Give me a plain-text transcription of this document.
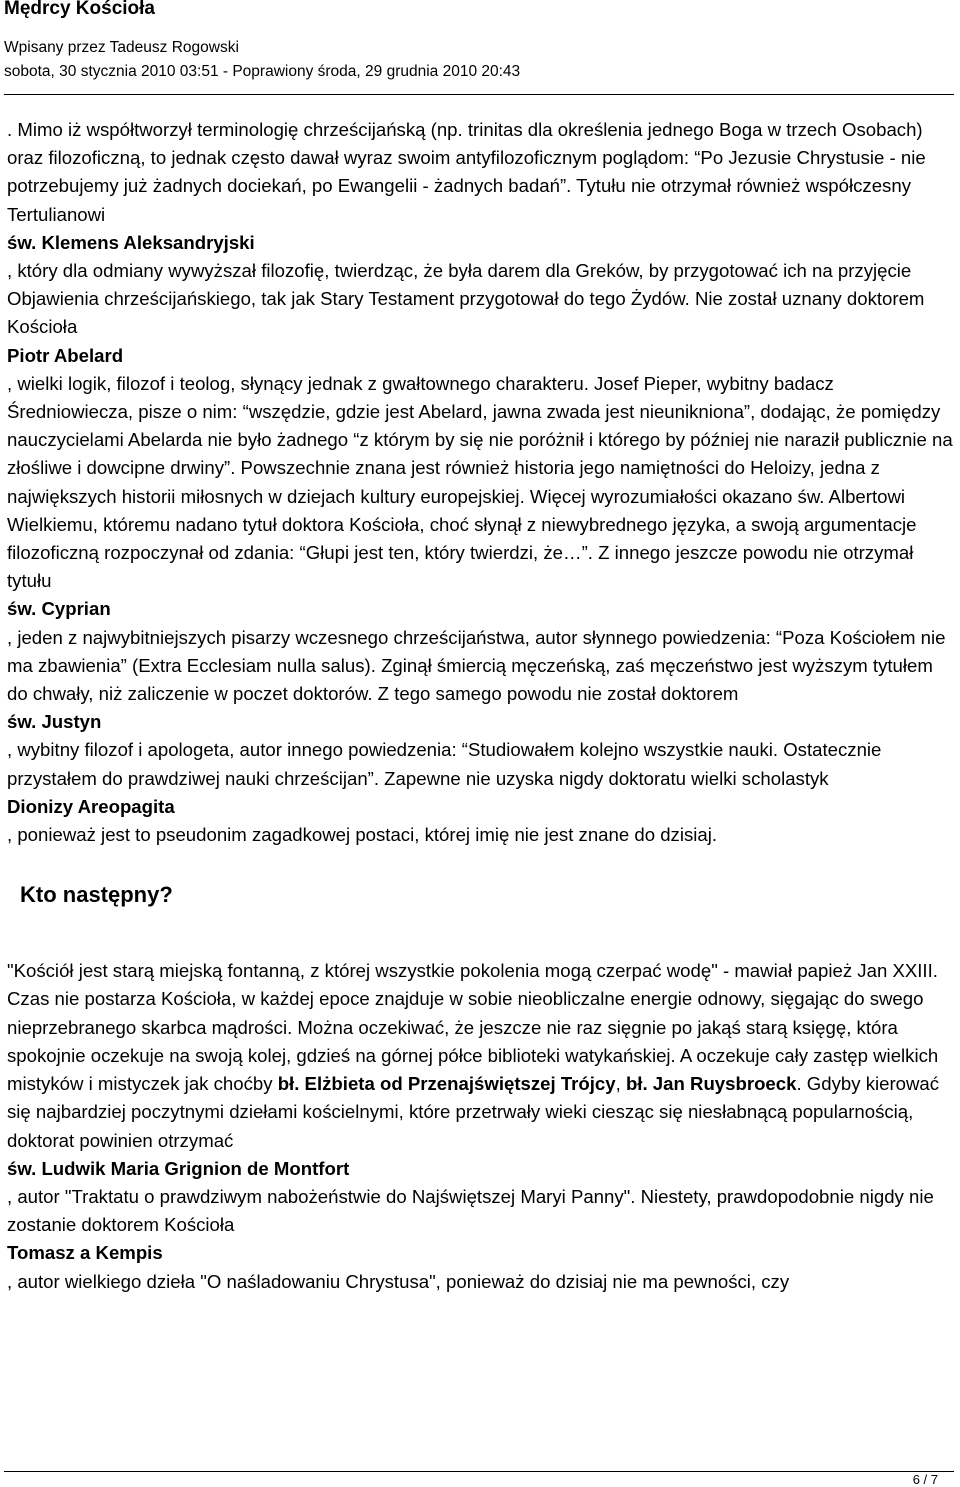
Mędrcy Kościoła
Wpisany przez Tadeusz Rogowski
sobota, 30 stycznia 2010 03:51 - Poprawiony środa, 29 grudnia 2010 20:43

. Mimo iż współtworzył terminologię chrześcijańską (np. trinitas dla określenia jednego Boga w trzech Osobach) oraz filozoficzną, to jednak często dawał wyraz swoim antyfilozoficznym poglądom: “Po Jezusie Chrystusie - nie potrzebujemy już żadnych dociekań, po Ewangelii - żadnych badań”. Tytułu nie otrzymał również współczesny Tertulianowi

św. Klemens Aleksandryjski

, który dla odmiany wywyższał filozofię, twierdząc, że była darem dla Greków, by przygotować ich na przyjęcie Objawienia chrześcijańskiego, tak jak Stary Testament przygotował do tego Żydów. Nie został uznany doktorem Kościoła

Piotr Abelard

, wielki logik, filozof i teolog, słynący jednak z gwałtownego charakteru. Josef Pieper, wybitny badacz Średniowiecza, pisze o nim: “wszędzie, gdzie jest Abelard, jawna zwada jest nieunikniona”, dodając, że pomiędzy nauczycielami Abelarda nie było żadnego “z którym by się nie poróżnił i którego by później nie naraził publicznie na złośliwe i dowcipne drwiny”. Powszechnie znana jest również historia jego namiętności do Heloizy, jedna z największych historii miłosnych w dziejach kultury europejskiej. Więcej wyrozumiałości okazano św. Albertowi Wielkiemu, któremu nadano tytuł doktora Kościoła, choć słynął z niewybrednego języka, a swoją argumentacje filozoficzną rozpoczynał od zdania: “Głupi jest ten, który twierdzi, że…”. Z innego jeszcze powodu nie otrzymał tytułu

św. Cyprian

, jeden z najwybitniejszych pisarzy wczesnego chrześcijaństwa, autor słynnego powiedzenia: “Poza Kościołem nie ma zbawienia” (Extra Ecclesiam nulla salus). Zginął śmiercią męczeńską, zaś męczeństwo jest wyższym tytułem do chwały, niż zaliczenie w poczet doktorów. Z tego samego powodu nie został doktorem

św. Justyn

, wybitny filozof i apologeta, autor innego powiedzenia: “Studiowałem kolejno wszystkie nauki. Ostatecznie przystałem do prawdziwej nauki chrześcijan”. Zapewne nie uzyska nigdy doktoratu wielki scholastyk

Dionizy Areopagita

, ponieważ jest to pseudonim zagadkowej postaci, której imię nie jest znane do dzisiaj.

Kto następny?

"Kościół jest starą miejską fontanną, z której wszystkie pokolenia mogą czerpać wodę" - mawiał papież Jan XXIII. Czas nie postarza Kościoła, w każdej epoce znajduje w sobie nieobliczalne energie odnowy, sięgając do swego nieprzebranego skarbca mądrości. Można oczekiwać, że jeszcze nie raz sięgnie po jakąś starą księgę, która spokojnie oczekuje na swoją kolej, gdzieś na górnej półce biblioteki watykańskiej. A oczekuje cały zastęp wielkich mistyków i mistyczek jak choćby bł. Elżbieta od Przenajświętszej Trójcy, bł. Jan Ruysbroeck. Gdyby kierować się najbardziej poczytnymi dziełami kościelnymi, które przetrwały wieki ciesząc się niesłabnącą popularnością, doktorat powinien otrzymać

św. Ludwik Maria Grignion de Montfort

, autor "Traktatu o prawdziwym nabożeństwie do Najświętszej Maryi Panny". Niestety, prawdopodobnie nigdy nie zostanie doktorem Kościoła

Tomasz a Kempis

, autor wielkiego dzieła "O naśladowaniu Chrystusa", ponieważ do dzisiaj nie ma pewności, czy

6 / 7
